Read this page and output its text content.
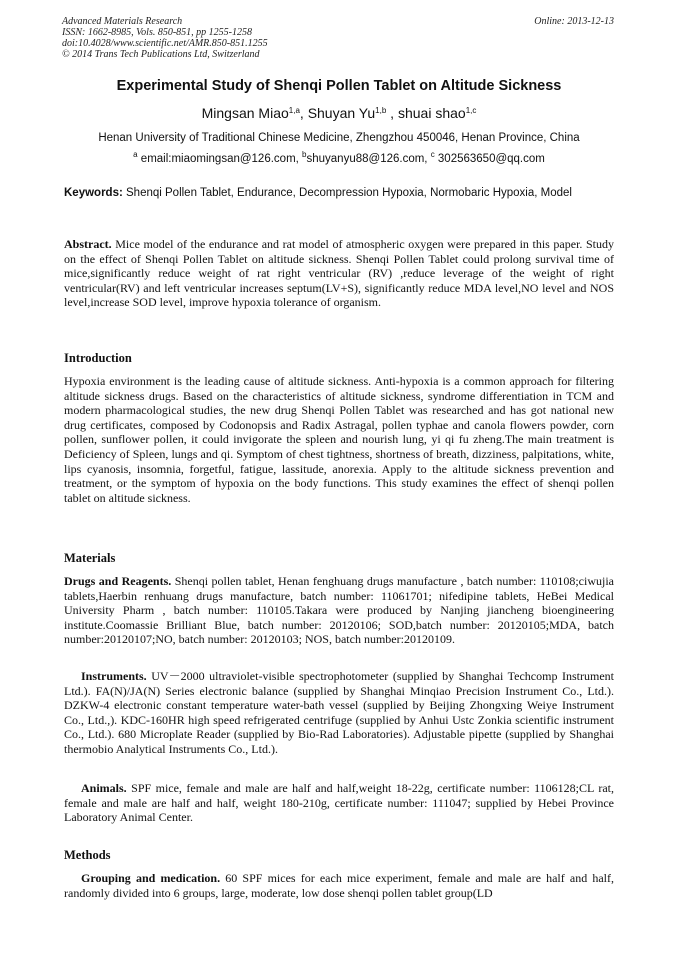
Advanced Materials Research
ISSN: 1662-8985, Vols. 850-851, pp 1255-1258
doi:10.4028/www.scientific.net/AMR.850-851.1255
© 2014 Trans Tech Publications Ltd, Switzerland
Online: 2013-12-13
Experimental Study of Shenqi Pollen Tablet on Altitude Sickness
Mingsan Miao$^{1,a}$, Shuyan Yu$^{1,b}$ , shuai shao$^{1,c}$
Henan University of Traditional Chinese Medicine, Zhengzhou 450046, Henan Province, China
$^a$ email:miaomingsan@126.com, $^b$shuyanyu88@126.com, $^c$ 302563650@qq.com
Keywords: Shenqi Pollen Tablet, Endurance, Decompression Hypoxia, Normobaric Hypoxia, Model

Abstract. Mice model of the endurance and rat model of atmospheric oxygen were prepared in this paper. Study on the effect of Shenqi Pollen Tablet on altitude sickness. Shenqi Pollen Tablet could prolong survival time of mice,significantly reduce weight of rat right ventricular (RV) ,reduce leverage of the weight of right ventricular(RV) and left ventricular increases septum(LV+S), significantly reduce MDA level,NO level and NOS level,increase SOD level, improve hypoxia tolerance of organism.

Introduction

Hypoxia environment is the leading cause of altitude sickness. Anti-hypoxia is a common approach for filtering altitude sickness drugs. Based on the characteristics of altitude sickness, syndrome differentiation in TCM and modern pharmacological studies, the new drug Shenqi Pollen Tablet was researched and has got national new drug certificates, composed by Codonopsis and Radix Astragal, pollen typhae and canola flowers powder, corn pollen, sunflower pollen, it could invigorate the spleen and nourish lung, yi qi fu zheng.The main treatment is Deficiency of Spleen, lungs and qi. Symptom of chest tightness, shortness of breath, dizziness, palpitations, white, lips cyanosis, insomnia, forgetful, fatigue, lassitude, anorexia. Apply to the altitude sickness prevention and treatment, or the symptom of hypoxia on the body functions. This study examines the effect of shenqi pollen tablet on altitude sickness.

Materials

Drugs and Reagents. Shenqi pollen tablet, Henan fenghuang drugs manufacture , batch number: 110108;ciwujia tablets,Haerbin renhuang drugs manufacture, batch number: 11061701; nifedipine tablets, HeBei Medical University Pharm , batch number: 110105.Takara were produced by Nanjing jiancheng bioengineering institute.Coomassie Brilliant Blue, batch number: 20120106; SOD,batch number: 20120105;MDA, batch number:20120107;NO, batch number: 20120103; NOS, batch number:20120109.

Instruments. UV－2000 ultraviolet-visible spectrophotometer (supplied by Shanghai Techcomp Instrument Ltd.). FA(N)/JA(N) Series electronic balance (supplied by Shanghai Minqiao Precision Instrument Co., Ltd.). DZKW-4 electronic constant temperature water-bath vessel (supplied by Beijing Zhongxing Weiye Instrument Co., Ltd.,). KDC-160HR high speed refrigerated centrifuge (supplied by Anhui Ustc Zonkia scientific instrument Co., Ltd.). 680 Microplate Reader (supplied by Bio-Rad Laboratories). Adjustable pipette (supplied by Shanghai thermobio Analytical Instruments Co., Ltd.).

Animals. SPF mice, female and male are half and half,weight 18-22g, certificate number: 1106128;CL rat, female and male are half and half, weight 180-210g, certificate number: 111047; supplied by Hebei Province Laboratory Animal Center.

Methods

Grouping and medication. 60 SPF mices for each mice experiment, female and male are half and half, randomly divided into 6 groups, large, moderate, low dose shenqi pollen tablet group(LD
